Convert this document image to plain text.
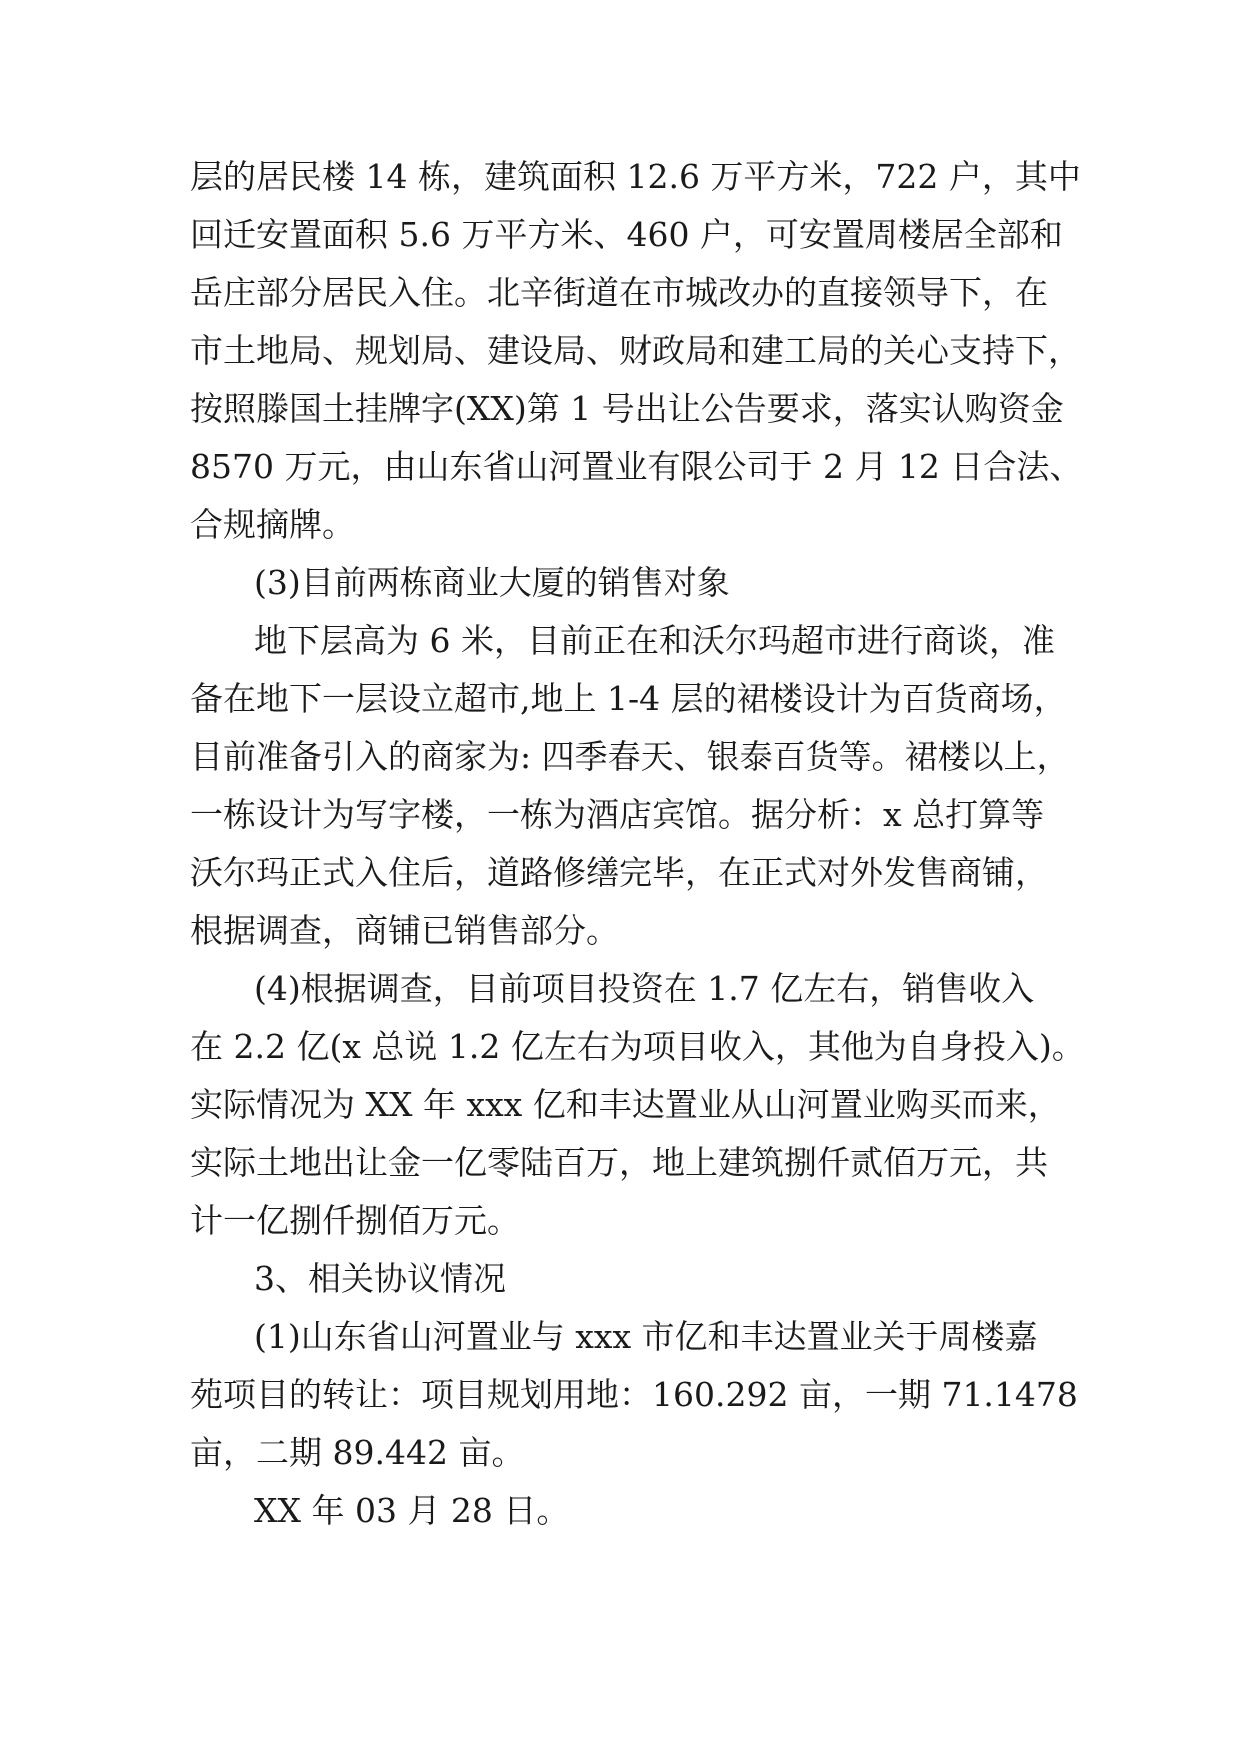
层的居民楼 14 栋，建筑面积 12.6 万平方米，722 户，其中
回迁安置面积 5.6 万平方米、460 户，可安置周楼居全部和
岳庄部分居民入住。北辛街道在市城改办的直接领导下，在
市土地局、规划局、建设局、财政局和建工局的关心支持下，
按照滕国土挂牌字(XX)第 1 号出让公告要求，落实认购资金
8570 万元，由山东省山河置业有限公司于 2 月 12 日合法、
合规摘牌。
(3)目前两栋商业大厦的销售对象
地下层高为 6 米，目前正在和沃尔玛超市进行商谈，准
备在地下一层设立超市,地上 1-4 层的裙楼设计为百货商场，
目前准备引入的商家为: 四季春天、银泰百货等。裙楼以上，
一栋设计为写字楼，一栋为酒店宾馆。据分析：x 总打算等
沃尔玛正式入住后，道路修缮完毕，在正式对外发售商铺，
根据调查，商铺已销售部分。
(4)根据调查，目前项目投资在 1.7 亿左右，销售收入
在 2.2 亿(x 总说 1.2 亿左右为项目收入，其他为自身投入)。
实际情况为 XX 年 xxx 亿和丰达置业从山河置业购买而来，
实际土地出让金一亿零陆百万，地上建筑捌仟贰佰万元，共
计一亿捌仟捌佰万元。
3、相关协议情况
(1)山东省山河置业与 xxx 市亿和丰达置业关于周楼嘉
苑项目的转让：项目规划用地：160.292 亩，一期 71.1478
亩，二期 89.442 亩。
XX 年 03 月 28 日。
